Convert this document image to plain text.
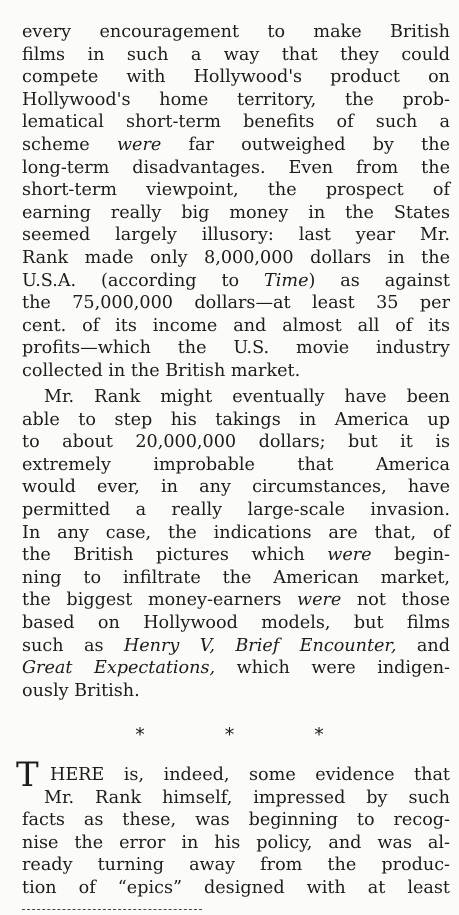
every encouragement to make British
films in such a way that they could
compete with Hollywood's product on
Hollywood's home territory, the prob-
lematical short-term benefits of such a
scheme were far outweighed by the
long-term disadvantages. Even from the
short-term viewpoint, the prospect of
earning really big money in the States
seemed largely illusory: last year Mr.
Rank made only 8,000,000 dollars in the
U.S.A. (according to Time) as against
the 75,000,000 dollars—at least 35 per
cent. of its income and almost all of its
profits—which the U.S. movie industry
collected in the British market.
Mr. Rank might eventually have been
able to step his takings in America up
to about 20,000,000 dollars; but it is
extremely improbable that America
would ever, in any circumstances, have
permitted a really large-scale invasion.
In any case, the indications are that, of
the British pictures which were begin-
ning to infiltrate the American market,
the biggest money-earners were not those
based on Hollywood models, but films
such as Henry V, Brief Encounter, and
Great Expectations, which were indigen-
ously British.
*	*	*
T HERE is, indeed, some evidence that
Mr. Rank himself, impressed by such
facts as these, was beginning to recog-
nise the error in his policy, and was al-
ready turning away from the produc-
tion of “epics” designed with at least
